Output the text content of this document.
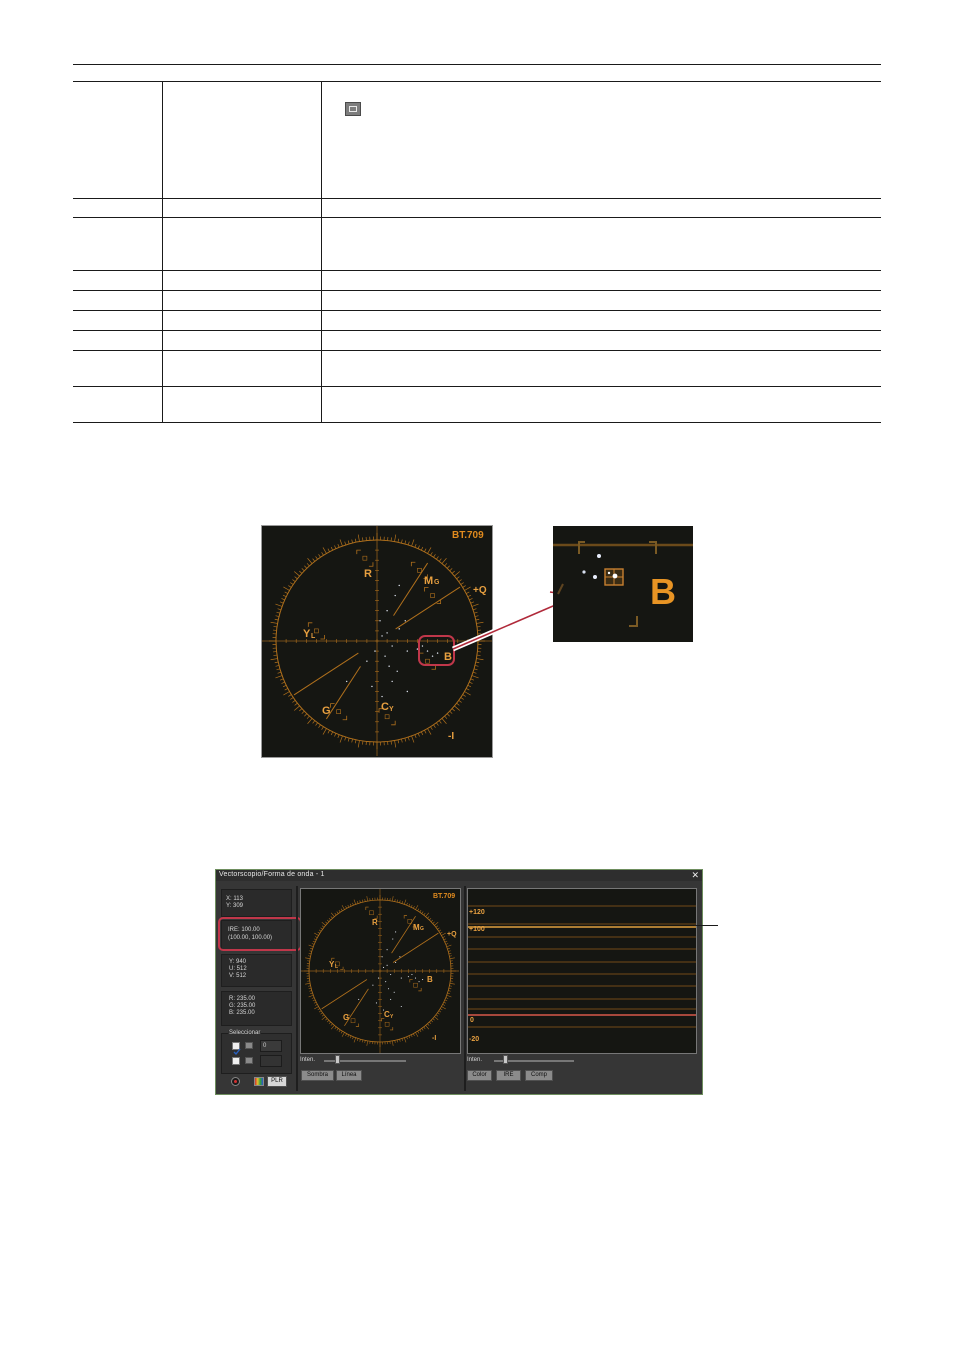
BT.709
R
M G
+Q
Y L
B
G	C Y
-I
B
Vectorscopio/Forma de onda - 1	✕
X: 113
Y: 309
IRE: 100.00
(100.00, 100.00)
Y: 940
U: 512
V: 512
R: 235.00
G: 235.00
B: 235.00
Seleccionar
0
PLR
BT.709
R
M G
+Q
Y L
B
G	C Y
-I
Inten.
Sombra	Línea
+120
+100
0
-20
Inten.
Color	IRE	Comp
